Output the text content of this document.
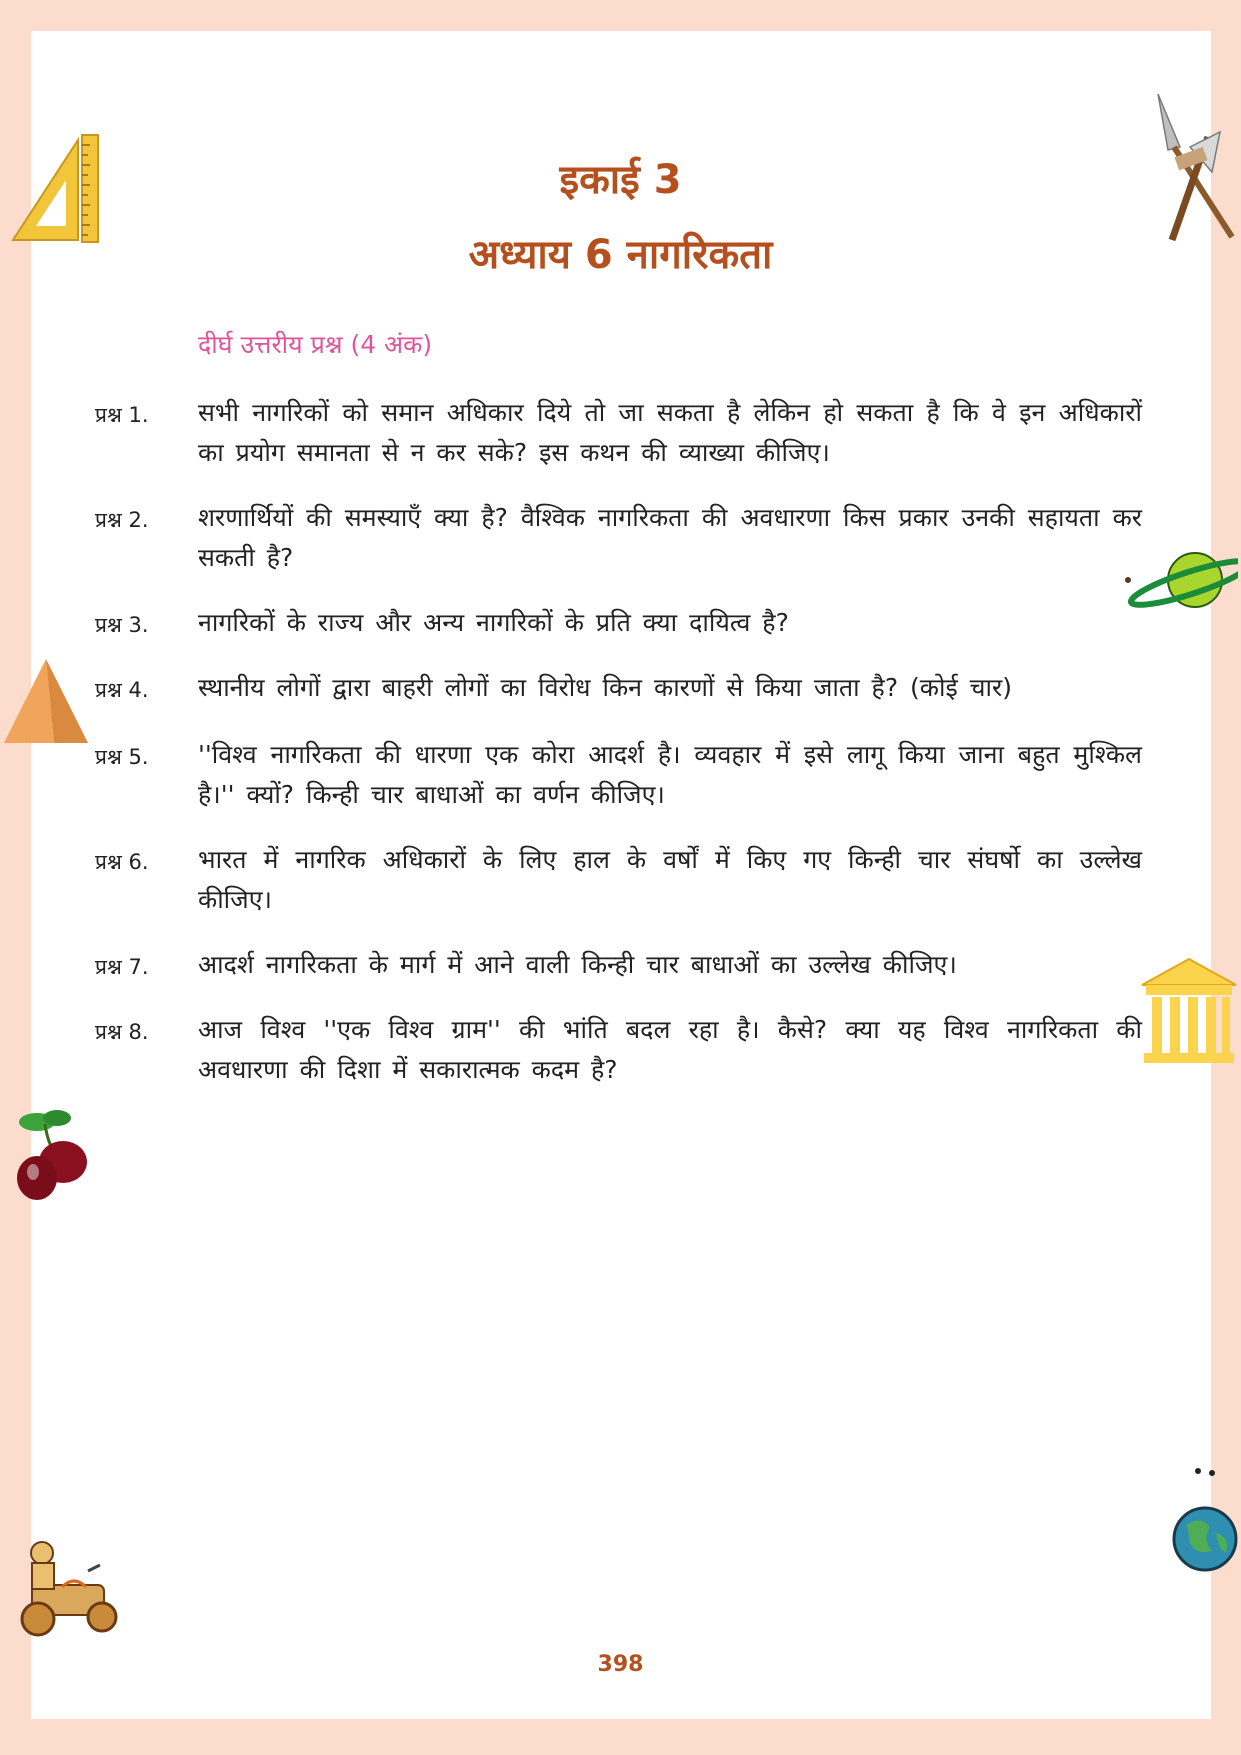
इकाई 3
अध्याय 6 नागरिकता
दीर्घ उत्तरीय प्रश्न (4 अंक)
प्रश्न 1.	सभी नागरिकों को समान अधिकार दिये तो जा सकता है लेकिन हो सकता है कि वे इन अधिकारों का प्रयोग समानता से न कर सके? इस कथन की व्याख्या कीजिए।
प्रश्न 2.	शरणार्थियों की समस्याएँ क्या है? वैश्विक नागरिकता की अवधारणा किस प्रकार उनकी सहायता कर सकती है?
प्रश्न 3.	नागरिकों के राज्य और अन्य नागरिकों के प्रति क्या दायित्व है?
प्रश्न 4.	स्थानीय लोगों द्वारा बाहरी लोगों का विरोध किन कारणों से किया जाता है? (कोई चार)
प्रश्न 5.	''विश्व नागरिकता की धारणा एक कोरा आदर्श है। व्यवहार में इसे लागू किया जाना बहुत मुश्किल है।'' क्यों? किन्ही चार बाधाओं का वर्णन कीजिए।
प्रश्न 6.	भारत में नागरिक अधिकारों के लिए हाल के वर्षों में किए गए किन्ही चार संघर्षो का उल्लेख कीजिए।
प्रश्न 7.	आदर्श नागरिकता के मार्ग में आने वाली किन्ही चार बाधाओं का उल्लेख कीजिए।
प्रश्न 8.	आज विश्व ''एक विश्व ग्राम'' की भांति बदल रहा है। कैसे? क्या यह विश्व नागरिकता की अवधारणा की दिशा में सकारात्मक कदम है?
398
